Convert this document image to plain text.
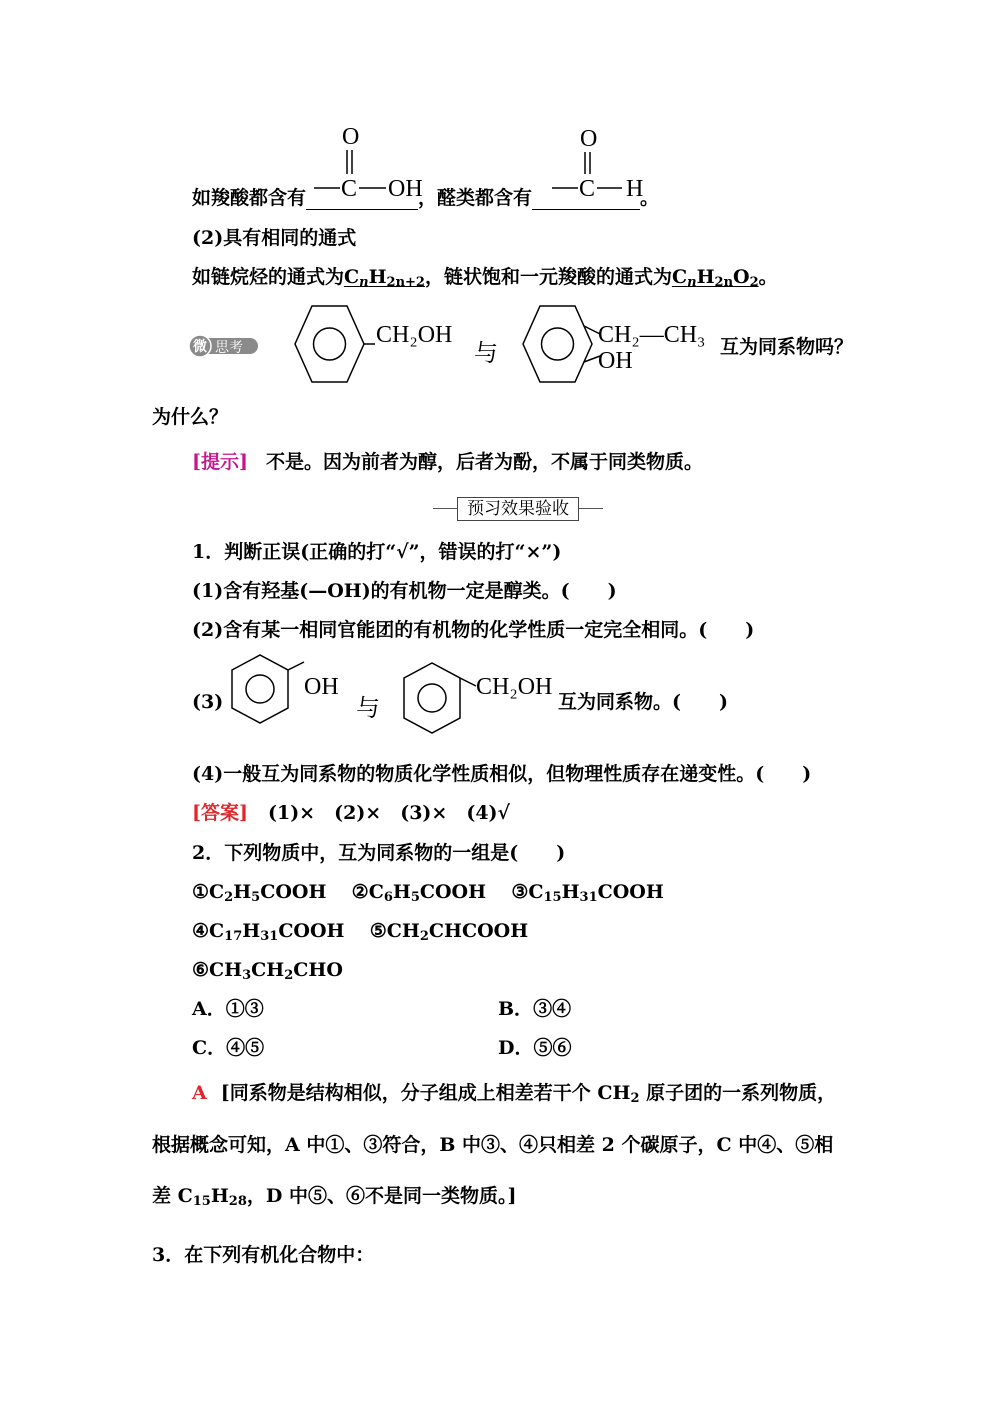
如羧酸都含有	，醛类都含有	。
O
C OH
O
C H
(2)具有相同的通式
如链烷烃的通式为$C_nH_{2n+2}$，链状饱和一元羧酸的通式为$C_nH_{2n}O_2$。
微 思考	CH₂OH
与
CH₂—CH₃
OH
互为同系物吗？
为什么？
[提示] 不是。因为前者为醇，后者为酚，不属于同类物质。
预习效果验收
1．判断正误(正确的打“√”，错误的打“×”)
(1)含有羟基(—OH)的有机物一定是醇类。(　　)
(2)含有某一相同官能团的有机物的化学性质一定完全相同。(　　)
(3)
OH
与
CH₂OH
互为同系物。(　　)
(4)一般互为同系物的物质化学性质相似，但物理性质存在递变性。(　　)
[答案] (1)×　(2)×　(3)×　(4)√
2．下列物质中，互为同系物的一组是(　　)
$①C_2H_5COOH$ $②C_6H_5COOH$ $③C_{15}H_{31}COOH$
$④C_{17}H_{31}COOH$ $⑤CH_2CHCOOH$
$⑥CH_3CH_2CHO$
A．①③	B．③④
C．④⑤	D．⑤⑥
A [同系物是结构相似，分子组成上相差若干个 $CH_2$ 原子团的一系列物质，
根据概念可知，A 中①、③符合，B 中③、④只相差 2 个碳原子，C 中④、⑤相
差 $C_{15}H_{28}$，D 中⑤、⑥不是同一类物质。]
3．在下列有机化合物中：
